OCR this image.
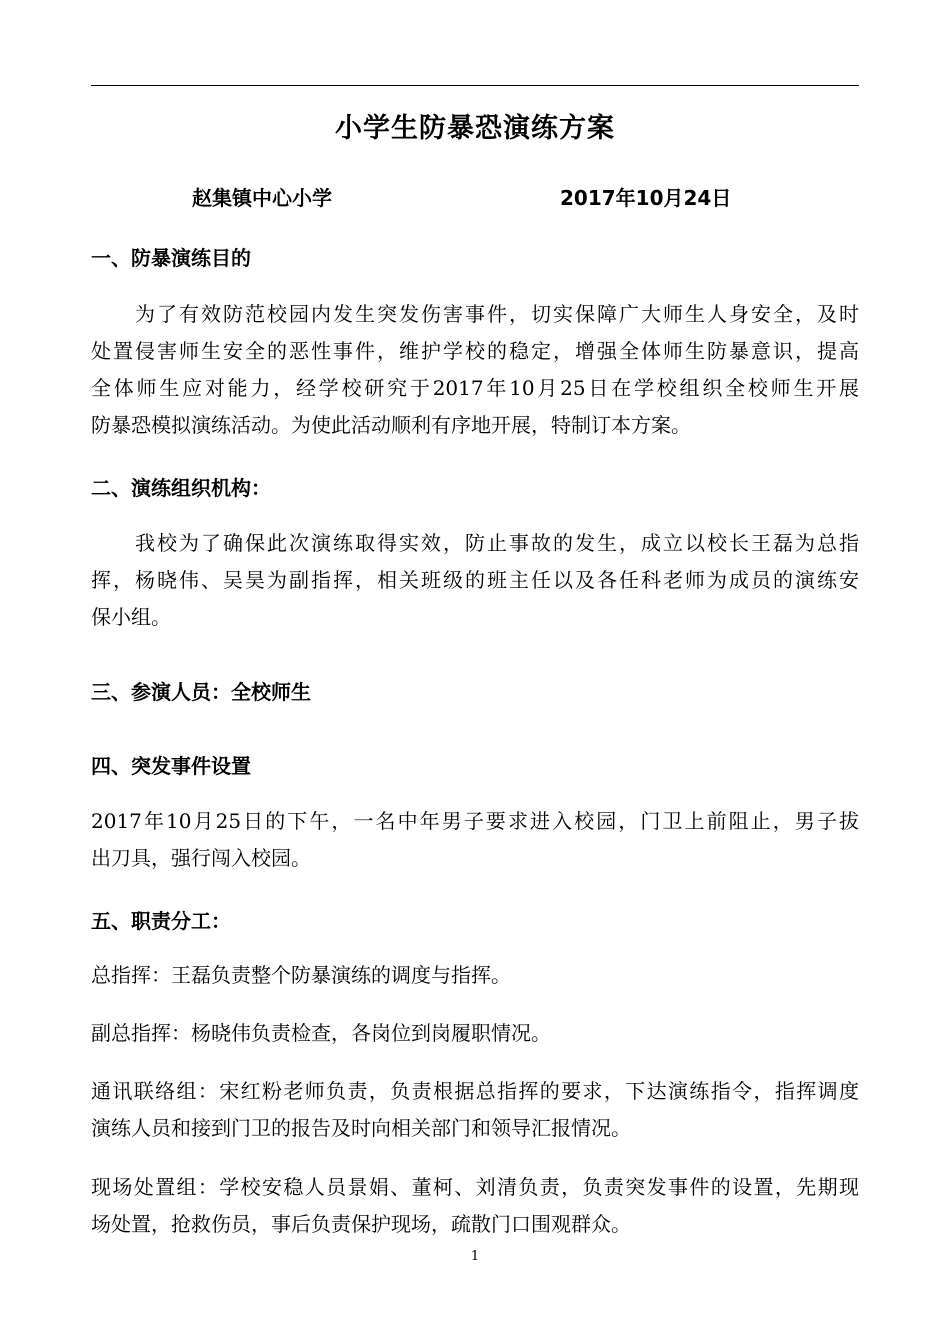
小学生防暴恐演练方案
赵集镇中心小学	2017年10月24日
一、防暴演练目的
为了有效防范校园内发生突发伤害事件，切实保障广大师生人身安全，及时
处置侵害师生安全的恶性事件，维护学校的稳定，增强全体师生防暴意识，提高
全体师生应对能力，经学校研究于2017年10月25日在学校组织全校师生开展
防暴恐模拟演练活动。为使此活动顺利有序地开展，特制订本方案。
二、演练组织机构：
我校为了确保此次演练取得实效，防止事故的发生，成立以校长王磊为总指
挥，杨晓伟、吴昊为副指挥，相关班级的班主任以及各任科老师为成员的演练安
保小组。
三、参演人员：全校师生
四、突发事件设置
2017年10月25日的下午，一名中年男子要求进入校园，门卫上前阻止，男子拔
出刀具，强行闯入校园。
五、职责分工：
总指挥：王磊负责整个防暴演练的调度与指挥。
副总指挥：杨晓伟负责检查，各岗位到岗履职情况。
通讯联络组：宋红粉老师负责，负责根据总指挥的要求，下达演练指令，指挥调度
演练人员和接到门卫的报告及时向相关部门和领导汇报情况。
现场处置组：学校安稳人员景娟、董柯、刘清负责，负责突发事件的设置，先期现
场处置，抢救伤员，事后负责保护现场，疏散门口围观群众。
1
